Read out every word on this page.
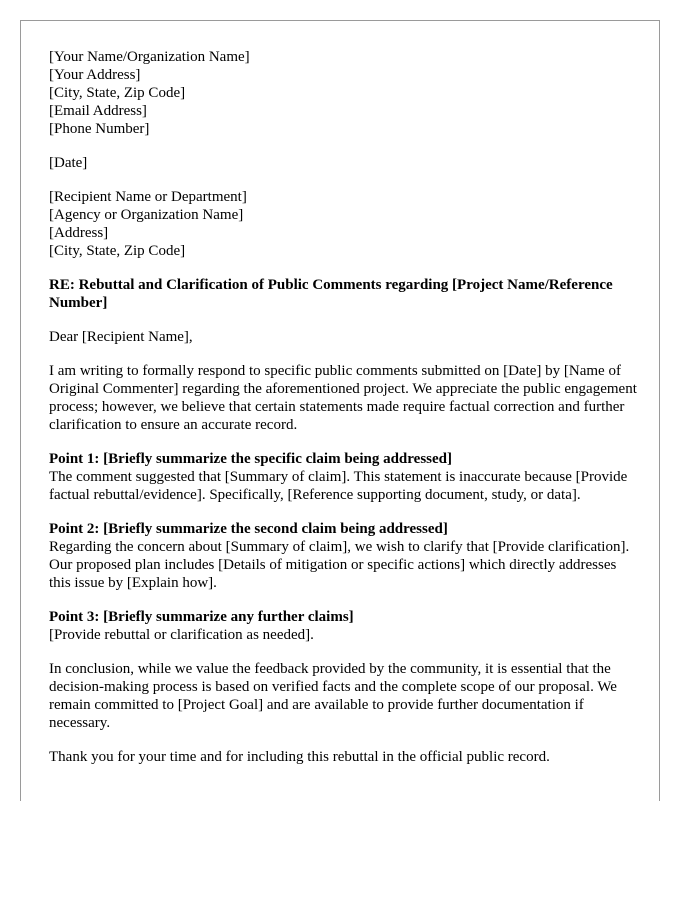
[Your Name/Organization Name]
[Your Address]
[City, State, Zip Code]
[Email Address]
[Phone Number]
[Date]
[Recipient Name or Department]
[Agency or Organization Name]
[Address]
[City, State, Zip Code]

RE: Rebuttal and Clarification of Public Comments regarding [Project Name/Reference Number]

Dear [Recipient Name],

I am writing to formally respond to specific public comments submitted on [Date] by [Name of Original Commenter] regarding the aforementioned project. We appreciate the public engagement process; however, we believe that certain statements made require factual correction and further clarification to ensure an accurate record.

Point 1: [Briefly summarize the specific claim being addressed]
The comment suggested that [Summary of claim]. This statement is inaccurate because [Provide factual rebuttal/evidence]. Specifically, [Reference supporting document, study, or data].
Point 2: [Briefly summarize the second claim being addressed]
Regarding the concern about [Summary of claim], we wish to clarify that [Provide clarification]. Our proposed plan includes [Details of mitigation or specific actions] which directly addresses this issue by [Explain how].
Point 3: [Briefly summarize any further claims]
[Provide rebuttal or clarification as needed].

In conclusion, while we value the feedback provided by the community, it is essential that the decision-making process is based on verified facts and the complete scope of our proposal. We remain committed to [Project Goal] and are available to provide further documentation if necessary.

Thank you for your time and for including this rebuttal in the official public record.
